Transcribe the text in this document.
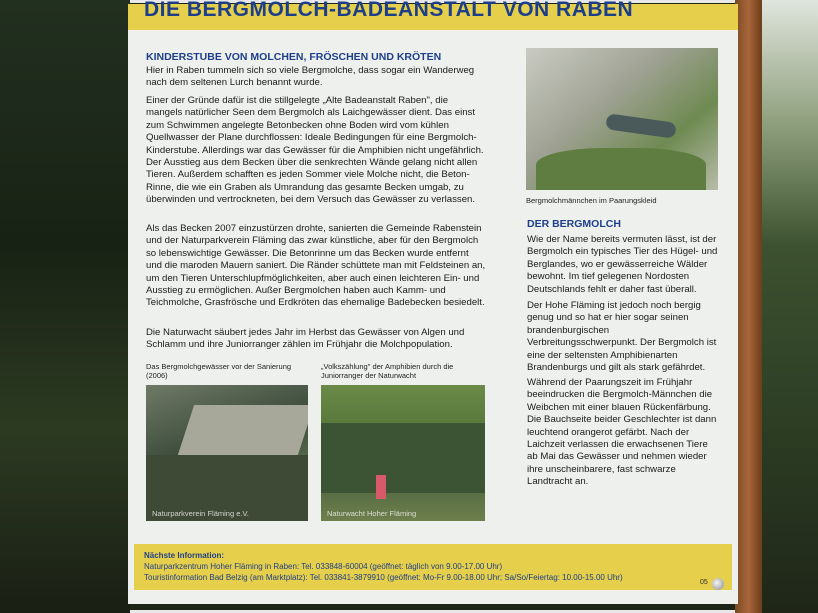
DIE BERGMOLCH-BADEANSTALT VON RABEN
KINDERSTUBE VON MOLCHEN, FRÖSCHEN UND KRÖTEN

Hier in Raben tummeln sich so viele Bergmolche, dass sogar ein Wanderweg nach dem seltenen Lurch benannt wurde.

Einer der Gründe dafür ist die stillgelegte „Alte Badeanstalt Raben", die mangels natürlicher Seen dem Bergmolch als Laichgewässer dient. Das einst zum Schwimmen angelegte Betonbecken ohne Boden wird vom kühlen Quellwasser der Plane durchflossen: Ideale Bedingungen für eine Bergmolch-Kinderstube. Allerdings war das Gewässer für die Amphibien nicht ungefährlich. Der Ausstieg aus dem Becken über die senkrechten Wände gelang nicht allen Tieren. Außerdem schafften es jeden Sommer viele Molche nicht, die Beton-Rinne, die wie ein Graben als Umrandung das gesamte Becken umgab, zu überwinden und vertrockneten, bei dem Versuch das Gewässer zu verlassen.

Als das Becken 2007 einzustürzen drohte, sanierten die Gemeinde Rabenstein und der Naturparkverein Fläming das zwar künstliche, aber für den Bergmolch so lebenswichtige Gewässer. Die Betonrinne um das Becken wurde entfernt und die maroden Mauern saniert. Die Ränder schüttete man mit Feldsteinen an, um den Tieren Unterschlupfmöglichkeiten, aber auch einen leichteren Ein- und Ausstieg zu ermöglichen. Außer Bergmolchen haben auch Kamm- und Teichmolche, Grasfrösche und Erdkröten das ehemalige Badebecken besiedelt.

Die Naturwacht säubert jedes Jahr im Herbst das Gewässer von Algen und Schlamm und ihre Juniorranger zählen im Frühjahr die Molchpopulation.

Das Bergmolchgewässer vor der Sanierung (2006)
Naturparkverein Fläming e.V.
„Volkszählung" der Amphibien durch die Juniorranger der Naturwacht
Naturwacht Hoher Fläming
Bergmolchmännchen im Paarungskleid
DER BERGMOLCH

Wie der Name bereits vermuten lässt, ist der Bergmolch ein typisches Tier des Hügel- und Berglandes, wo er gewässerreiche Wälder bewohnt. Im tief gelegenen Nordosten Deutschlands fehlt er daher fast überall.

Der Hohe Fläming ist jedoch noch bergig genug und so hat er hier sogar seinen brandenburgischen Verbreitungsschwerpunkt. Der Bergmolch ist eine der seltensten Amphibienarten Brandenburgs und gilt als stark gefährdet.

Während der Paarungszeit im Frühjahr beeindrucken die Bergmolch-Männchen die Weibchen mit einer blauen Rückenfärbung. Die Bauchseite beider Geschlechter ist dann leuchtend orangerot gefärbt. Nach der Laichzeit verlassen die erwachsenen Tiere ab Mai das Gewässer und nehmen wieder ihre unscheinbarere, fast schwarze Landtracht an.

Nächste Information:
Naturparkzentrum Hoher Fläming in Raben: Tel. 033848-60004 (geöffnet: täglich von 9.00-17.00 Uhr)
Touristinformation Bad Belzig (am Marktplatz): Tel. 033841-3879910 (geöffnet: Mo-Fr 9.00-18.00 Uhr; Sa/So/Feiertag: 10.00-15.00 Uhr)
05
